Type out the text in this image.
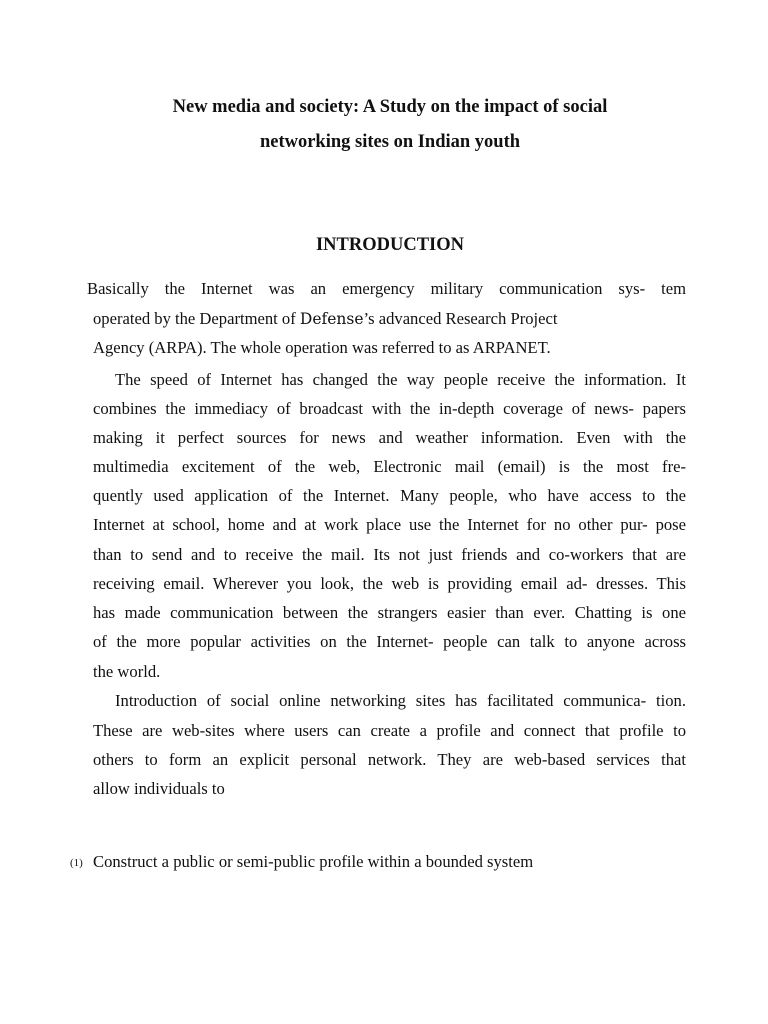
New media and society: A Study on the impact of social
networking sites on Indian youth
INTRODUCTION
Basically the Internet was an emergency military communication sys- tem
operated by the Department of Defense’s advanced Research Project
Agency (ARPA). The whole operation was referred to as ARPANET.
The speed of Internet has changed the way people receive the information. It
combines the immediacy of broadcast with the in-depth coverage of news- papers
making it perfect sources for news and weather information. Even with the
multimedia excitement of the web, Electronic mail (email) is the most fre-
quently used application of the Internet. Many people, who have access to the
Internet at school, home and at work place use the Internet for no other pur- pose
than to send and to receive the mail. Its not just friends and co-workers that are
receiving email. Wherever you look, the web is providing email ad- dresses. This
has made communication between the strangers easier than ever. Chatting is one
of the more popular activities on the Internet- people can talk to anyone across
the world.
Introduction of social online networking sites has facilitated communica- tion.
These are web-sites where users can create a profile and connect that profile to
others to form an explicit personal network. They are web-based services that
allow individuals to
(1) Construct a public or semi-public profile within a bounded system
